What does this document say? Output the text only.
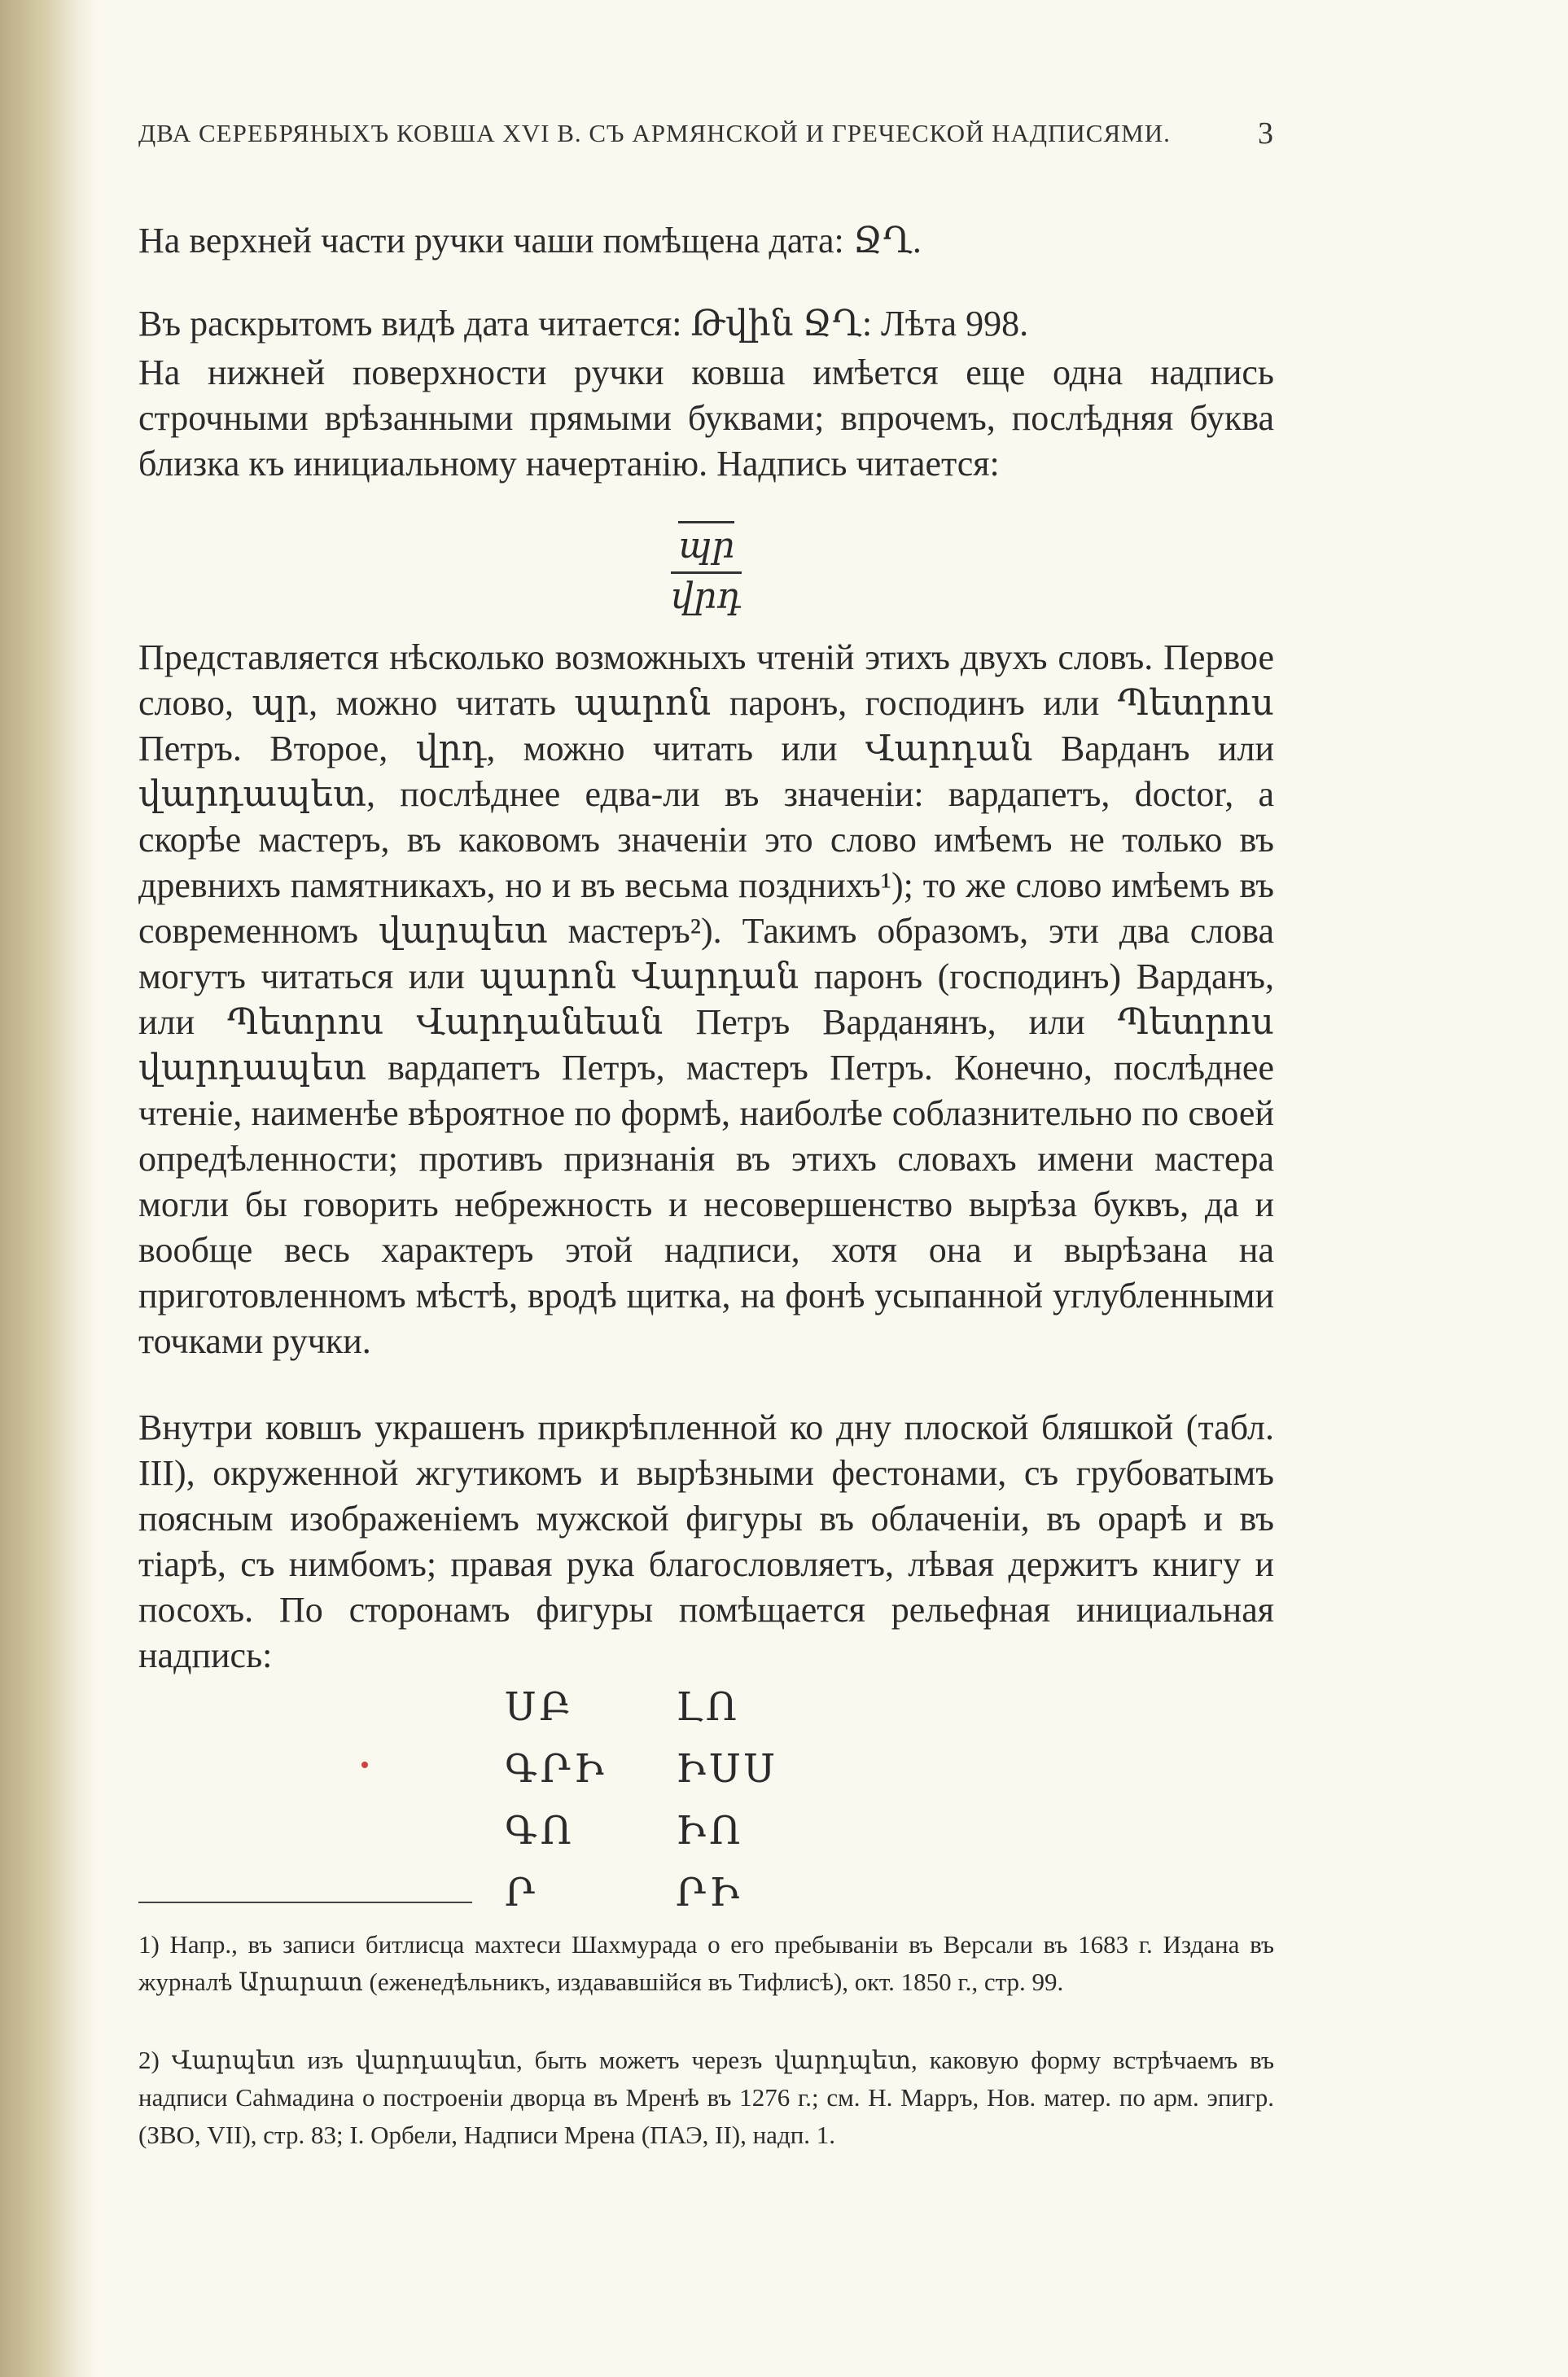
ДВА СЕРЕБРЯНЫХЪ КОВША XVI В. СЪ АРМЯНСКОЙ И ГРЕЧЕСКОЙ НАДПИСЯМИ.	3
На верхней части ручки чаши помѣщена дата: ՋՂ.
Въ раскрытомъ видѣ дата читается: Թվին ՋՂ: Лѣта 998.
На нижней поверхности ручки ковша имѣется еще одна надпись строчными врѣзанными прямыми буквами; впрочемъ, послѣдняя буква близка къ инициальному начертанію. Надпись читается:
պր
վրդ
Представляется нѣсколько возможныхъ чтеній этихъ двухъ словъ. Первое слово, պր, можно читать պարոն паронъ, господинъ или Պետրոս Петръ. Второе, վրդ, можно читать или Վարդան Варданъ или վարդապետ, послѣднее едва-ли въ значеніи: вардапетъ, doctor, а скорѣе мастеръ, въ каковомъ значеніи это слово имѣемъ не только въ древнихъ памятникахъ, но и въ весьма позднихъ¹); то же слово имѣемъ въ современномъ վարպետ мастеръ²). Такимъ образомъ, эти два слова могутъ читаться или պարոն Վարդան паронъ (господинъ) Варданъ, или Պետրոս Վարդանեան Петръ Варданянъ, или Պետրոս վարդապետ вардапетъ Петръ, мастеръ Петръ. Конечно, послѣднее чтеніе, наименѣе вѣроятное по формѣ, наиболѣе соблазнительно по своей опредѣленности; противъ признанія въ этихъ словахъ имени мастера могли бы говорить небрежность и несовершенство вырѣза буквъ, да и вообще весь характеръ этой надписи, хотя она и вырѣзана на приготовленномъ мѣстѣ, вродѣ щитка, на фонѣ усыпанной углубленными точками ручки.
Внутри ковшъ украшенъ прикрѣпленной ко дну плоской бляшкой (табл. III), окруженной жгутикомъ и вырѣзными фестонами, съ грубоватымъ поясным изображеніемъ мужской фигуры въ облаченіи, въ орарѣ и въ тіарѣ, съ нимбомъ; правая рука благословляетъ, лѣвая держитъ книгу и посохъ. По сторонамъ фигуры помѣщается рельефная инициальная надпись:
1) Напр., въ записи битлисца махтеси Шахмурада о его пребываніи въ Версали въ 1683 г. Издана въ журналѣ Արարատ (еженедѣльникъ, издававшійся въ Тифлисѣ), окт. 1850 г., стр. 99.
2) Վարպետ изъ վարդապետ, быть можетъ черезъ վարդպետ, каковую форму встрѣчаемъ въ надписи Саһмадина о построеніи дворца въ Мренѣ въ 1276 г.; см. Н. Марръ, Нов. матер. по арм. эпигр. (ЗВО, VII), стр. 83; І. Орбели, Надписи Мрена (ПАЭ, II), надп. 1.
ՍԲ	ԼՈ
ԳՐԻ	ԻՍՍ
ԳՈ	ԻՈ
Ր	ՐԻ
